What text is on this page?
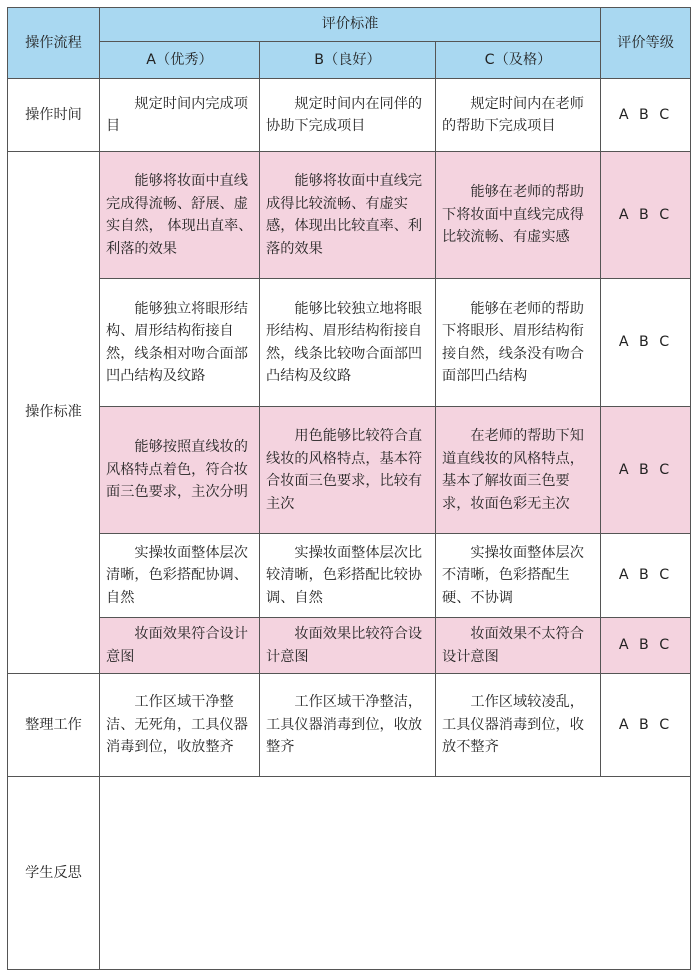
操作流程	评价标准			评价等级
	A（优秀）	B（良好）	C（及格）	
操作时间	规定时间内完成项目	规定时间内在同伴的协助下完成项目	规定时间内在老师的帮助下完成项目	A B C
操作标准	能够将妆面中直线完成得流畅、舒展、虚实自然， 体现出直率、利落的效果	能够将妆面中直线完成得比较流畅、有虚实感，体现出比较直率、利落的效果	能够在老师的帮助下将妆面中直线完成得比较流畅、有虚实感	A B C
	能够独立将眼形结构、眉形结构衔接自然，线条相对吻合面部凹凸结构及纹路	能够比较独立地将眼形结构、眉形结构衔接自然，线条比较吻合面部凹凸结构及纹路	能够在老师的帮助下将眼形、眉形结构衔接自然，线条没有吻合面部凹凸结构	A B C
	能够按照直线妆的风格特点着色，符合妆面三色要求，主次分明	用色能够比较符合直线妆的风格特点，基本符合妆面三色要求，比较有主次	在老师的帮助下知道直线妆的风格特点，基本了解妆面三色要求，妆面色彩无主次	A B C
	实操妆面整体层次清晰，色彩搭配协调、自然	实操妆面整体层次比较清晰，色彩搭配比较协调、自然	实操妆面整体层次不清晰，色彩搭配生硬、不协调	A B C
	妆面效果符合设计意图	妆面效果比较符合设计意图	妆面效果不太符合设计意图	A B C
整理工作	工作区域干净整洁、无死角，工具仪器消毒到位，收放整齐	工作区域干净整洁，工具仪器消毒到位，收放整齐	工作区域较凌乱，工具仪器消毒到位，收放不整齐	A B C
学生反思				
